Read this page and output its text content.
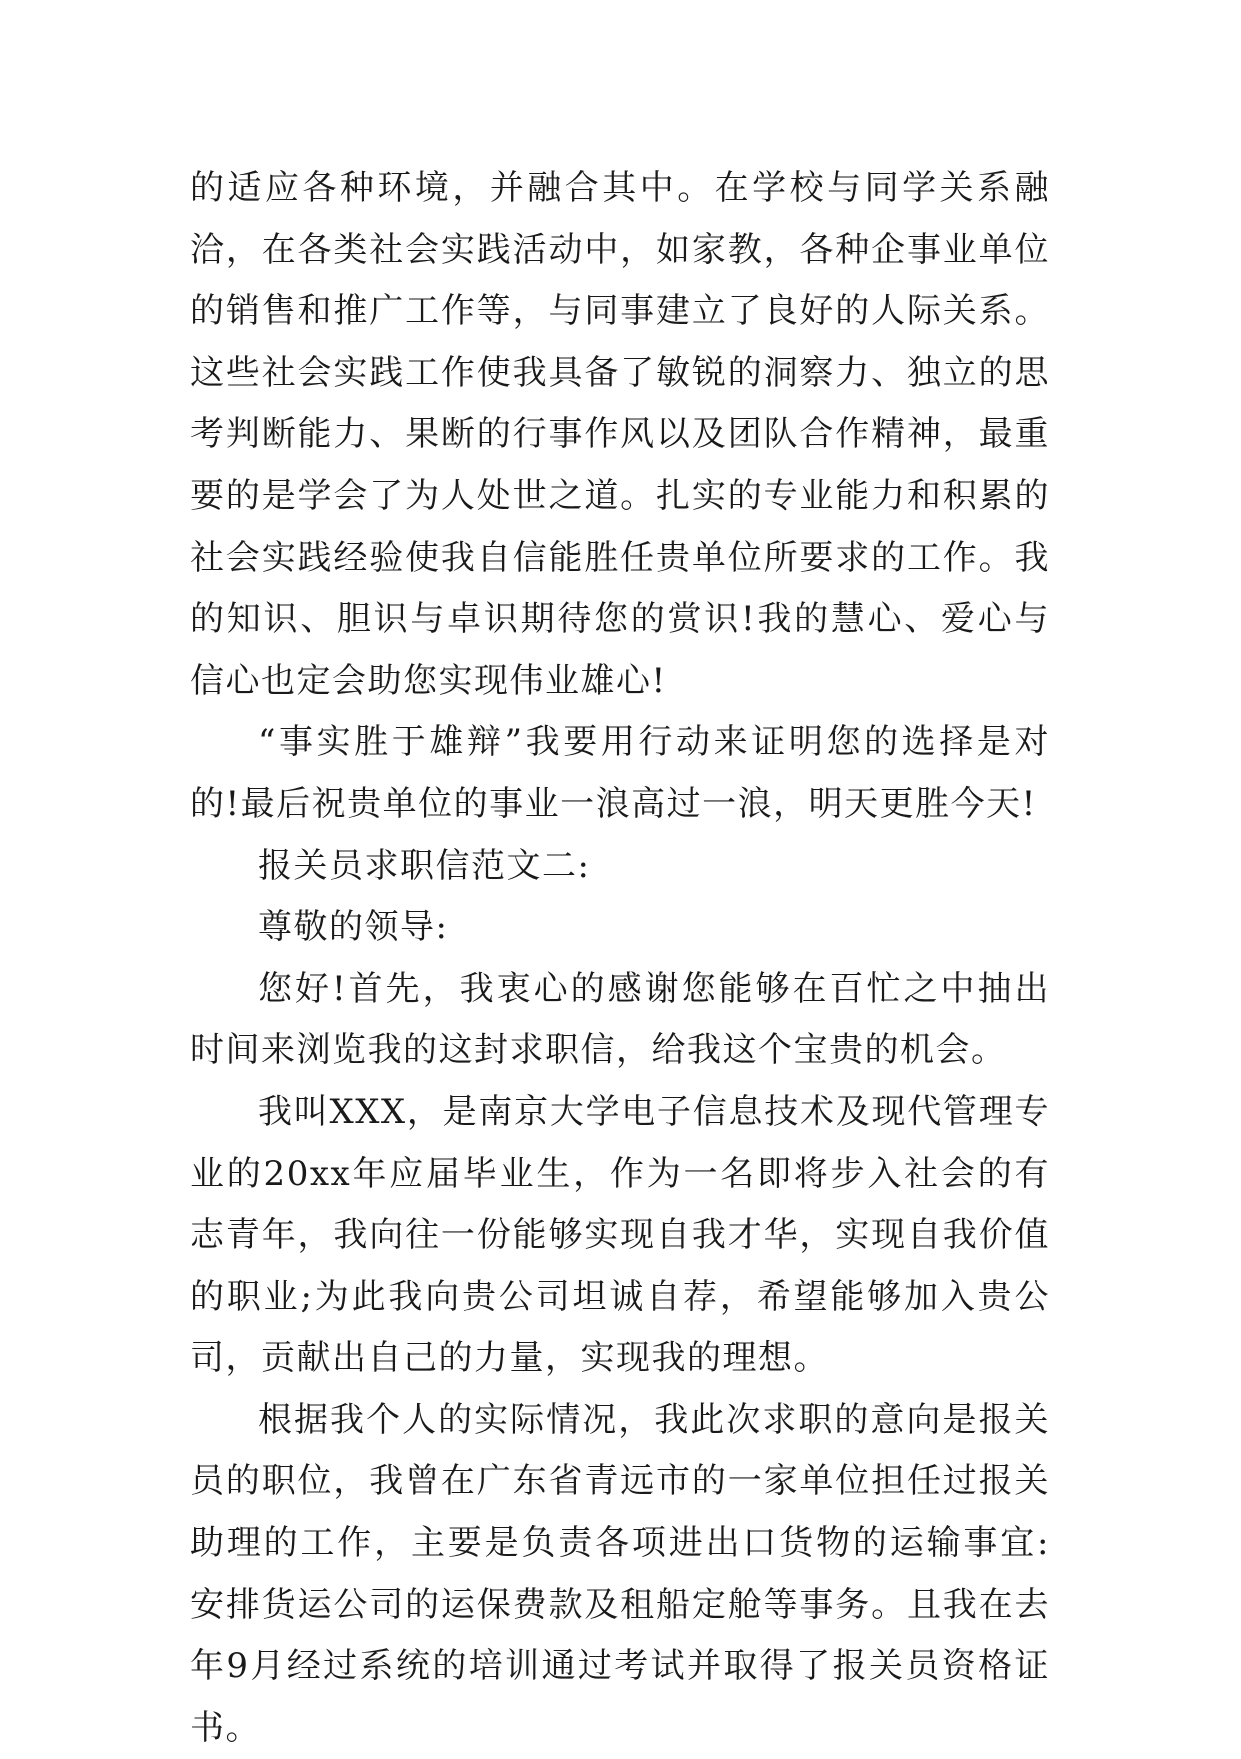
的适应各种环境，并融合其中。在学校与同学关系融洽，在各类社会实践活动中，如家教，各种企事业单位的销售和推广工作等，与同事建立了良好的人际关系。这些社会实践工作使我具备了敏锐的洞察力、独立的思考判断能力、果断的行事作风以及团队合作精神，最重要的是学会了为人处世之道。扎实的专业能力和积累的社会实践经验使我自信能胜任贵单位所要求的工作。我的知识、胆识与卓识期待您的赏识!我的慧心、爱心与信心也定会助您实现伟业雄心!

“事实胜于雄辩”我要用行动来证明您的选择是对的!最后祝贵单位的事业一浪高过一浪，明天更胜今天!

报关员求职信范文二:

尊敬的领导:

您好!首先，我衷心的感谢您能够在百忙之中抽出时间来浏览我的这封求职信，给我这个宝贵的机会。

我叫XXX，是南京大学电子信息技术及现代管理专业的20xx年应届毕业生，作为一名即将步入社会的有志青年，我向往一份能够实现自我才华，实现自我价值的职业;为此我向贵公司坦诚自荐，希望能够加入贵公司，贡献出自己的力量，实现我的理想。

根据我个人的实际情况，我此次求职的意向是报关员的职位，我曾在广东省青远市的一家单位担任过报关助理的工作，主要是负责各项进出口货物的运输事宜:安排货运公司的运保费款及租船定舱等事务。且我在去年9月经过系统的培训通过考试并取得了报关员资格证书。
